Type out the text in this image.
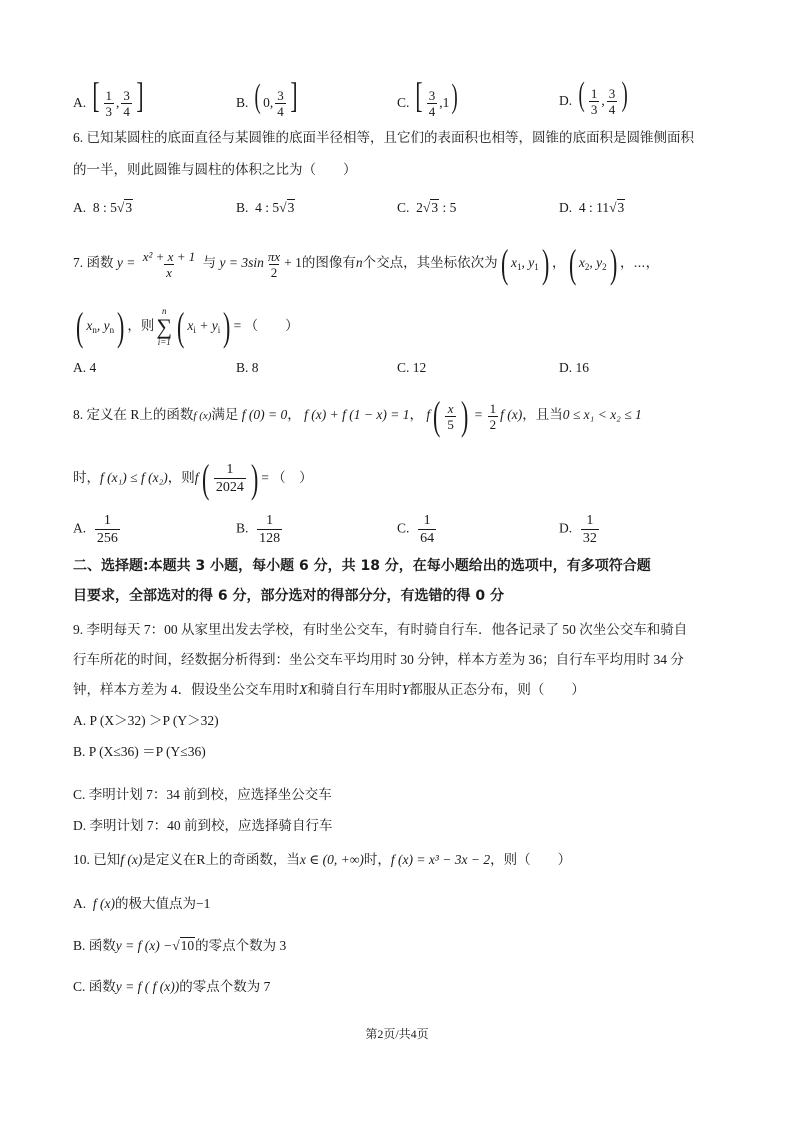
A. [ $\frac{1}{3}$ , $\frac{3}{4}$ ]	B. ( 0, $\frac{3}{4}$ ]	C. [ $\frac{3}{4} ,1$)	D. ( $\frac{1}{3}$ , $\frac{3}{4}$ )
6. 已知某圆柱的底面直径与某圆锥的底面半径相等，且它们的表面积也相等，圆锥的底面积是圆锥侧面积
的一半，则此圆锥与圆柱的体积之比为（　　）
A. 8 : 5√3	B. 4 : 5√3	C. 2√3 : 5	D. 4 : 11√3
7. 函数 $y = \frac{\text{x² + x + 1}}{x}$ 与 $y = 3\sin \frac{\pi x}{2} + 1$的图像有n个交点，其坐标依次为( $x_1$, $y_1$) ，( $x_2$, $y_2$) ，⋯，
( $x_n$, $y_n$) ，则
n
∑
i=1 ( $x_i + y_i$) = （　　）
A. 4	B. 8	C. 12	D. 16
8. 定义在 R上的函数f (x)满足 f (0) = 0， f (x) + f (1 − x) = 1， $f( \frac{x}{5}$ ) = $\frac{1}{2}$ f (x)，且当0 ≤ x₁ < x₂ ≤ 1
时，f (x₁) ≤ f (x₂)，则$f( \frac{1}{2024}$ ) = （　）
A. $\frac{1}{256}$	B. $\frac{1}{128}$	C. $\frac{1}{64}$	D. $\frac{1}{32}$
二、选择题:本题共 3 小题，每小题 6 分，共 18 分，在每小题给出的选项中，有多项符合题
目要求，全部选对的得 6 分，部分选对的得部分分，有选错的得 0 分
9. 李明每天 7：00 从家里出发去学校，有时坐公交车，有时骑自行车．他各记录了 50 次坐公交车和骑自
行车所花的时间，经数据分析得到：坐公交车平均用时 30 分钟，样本方差为 36；自行车平均用时 34 分
钟，样本方差为 4．假设坐公交车用时X和骑自行车用时Y都服从正态分布，则（　　）
A. P (X＞32) ＞P (Y＞32)
B. P (X≤36) ＝P (Y≤36)
C. 李明计划 7：34 前到校，应选择坐公交车
D. 李明计划 7：40 前到校，应选择骑自行车
10. 已知f (x)是定义在R上的奇函数，当x ∈ (0, +∞)时，f (x) = x³ − 3x − 2，则（　　）
A. f (x)的极大值点为−1
B. 函数y = f (x) −√10的零点个数为 3
C. 函数y = f ( f (x))的零点个数为 7
第2页/共4页
